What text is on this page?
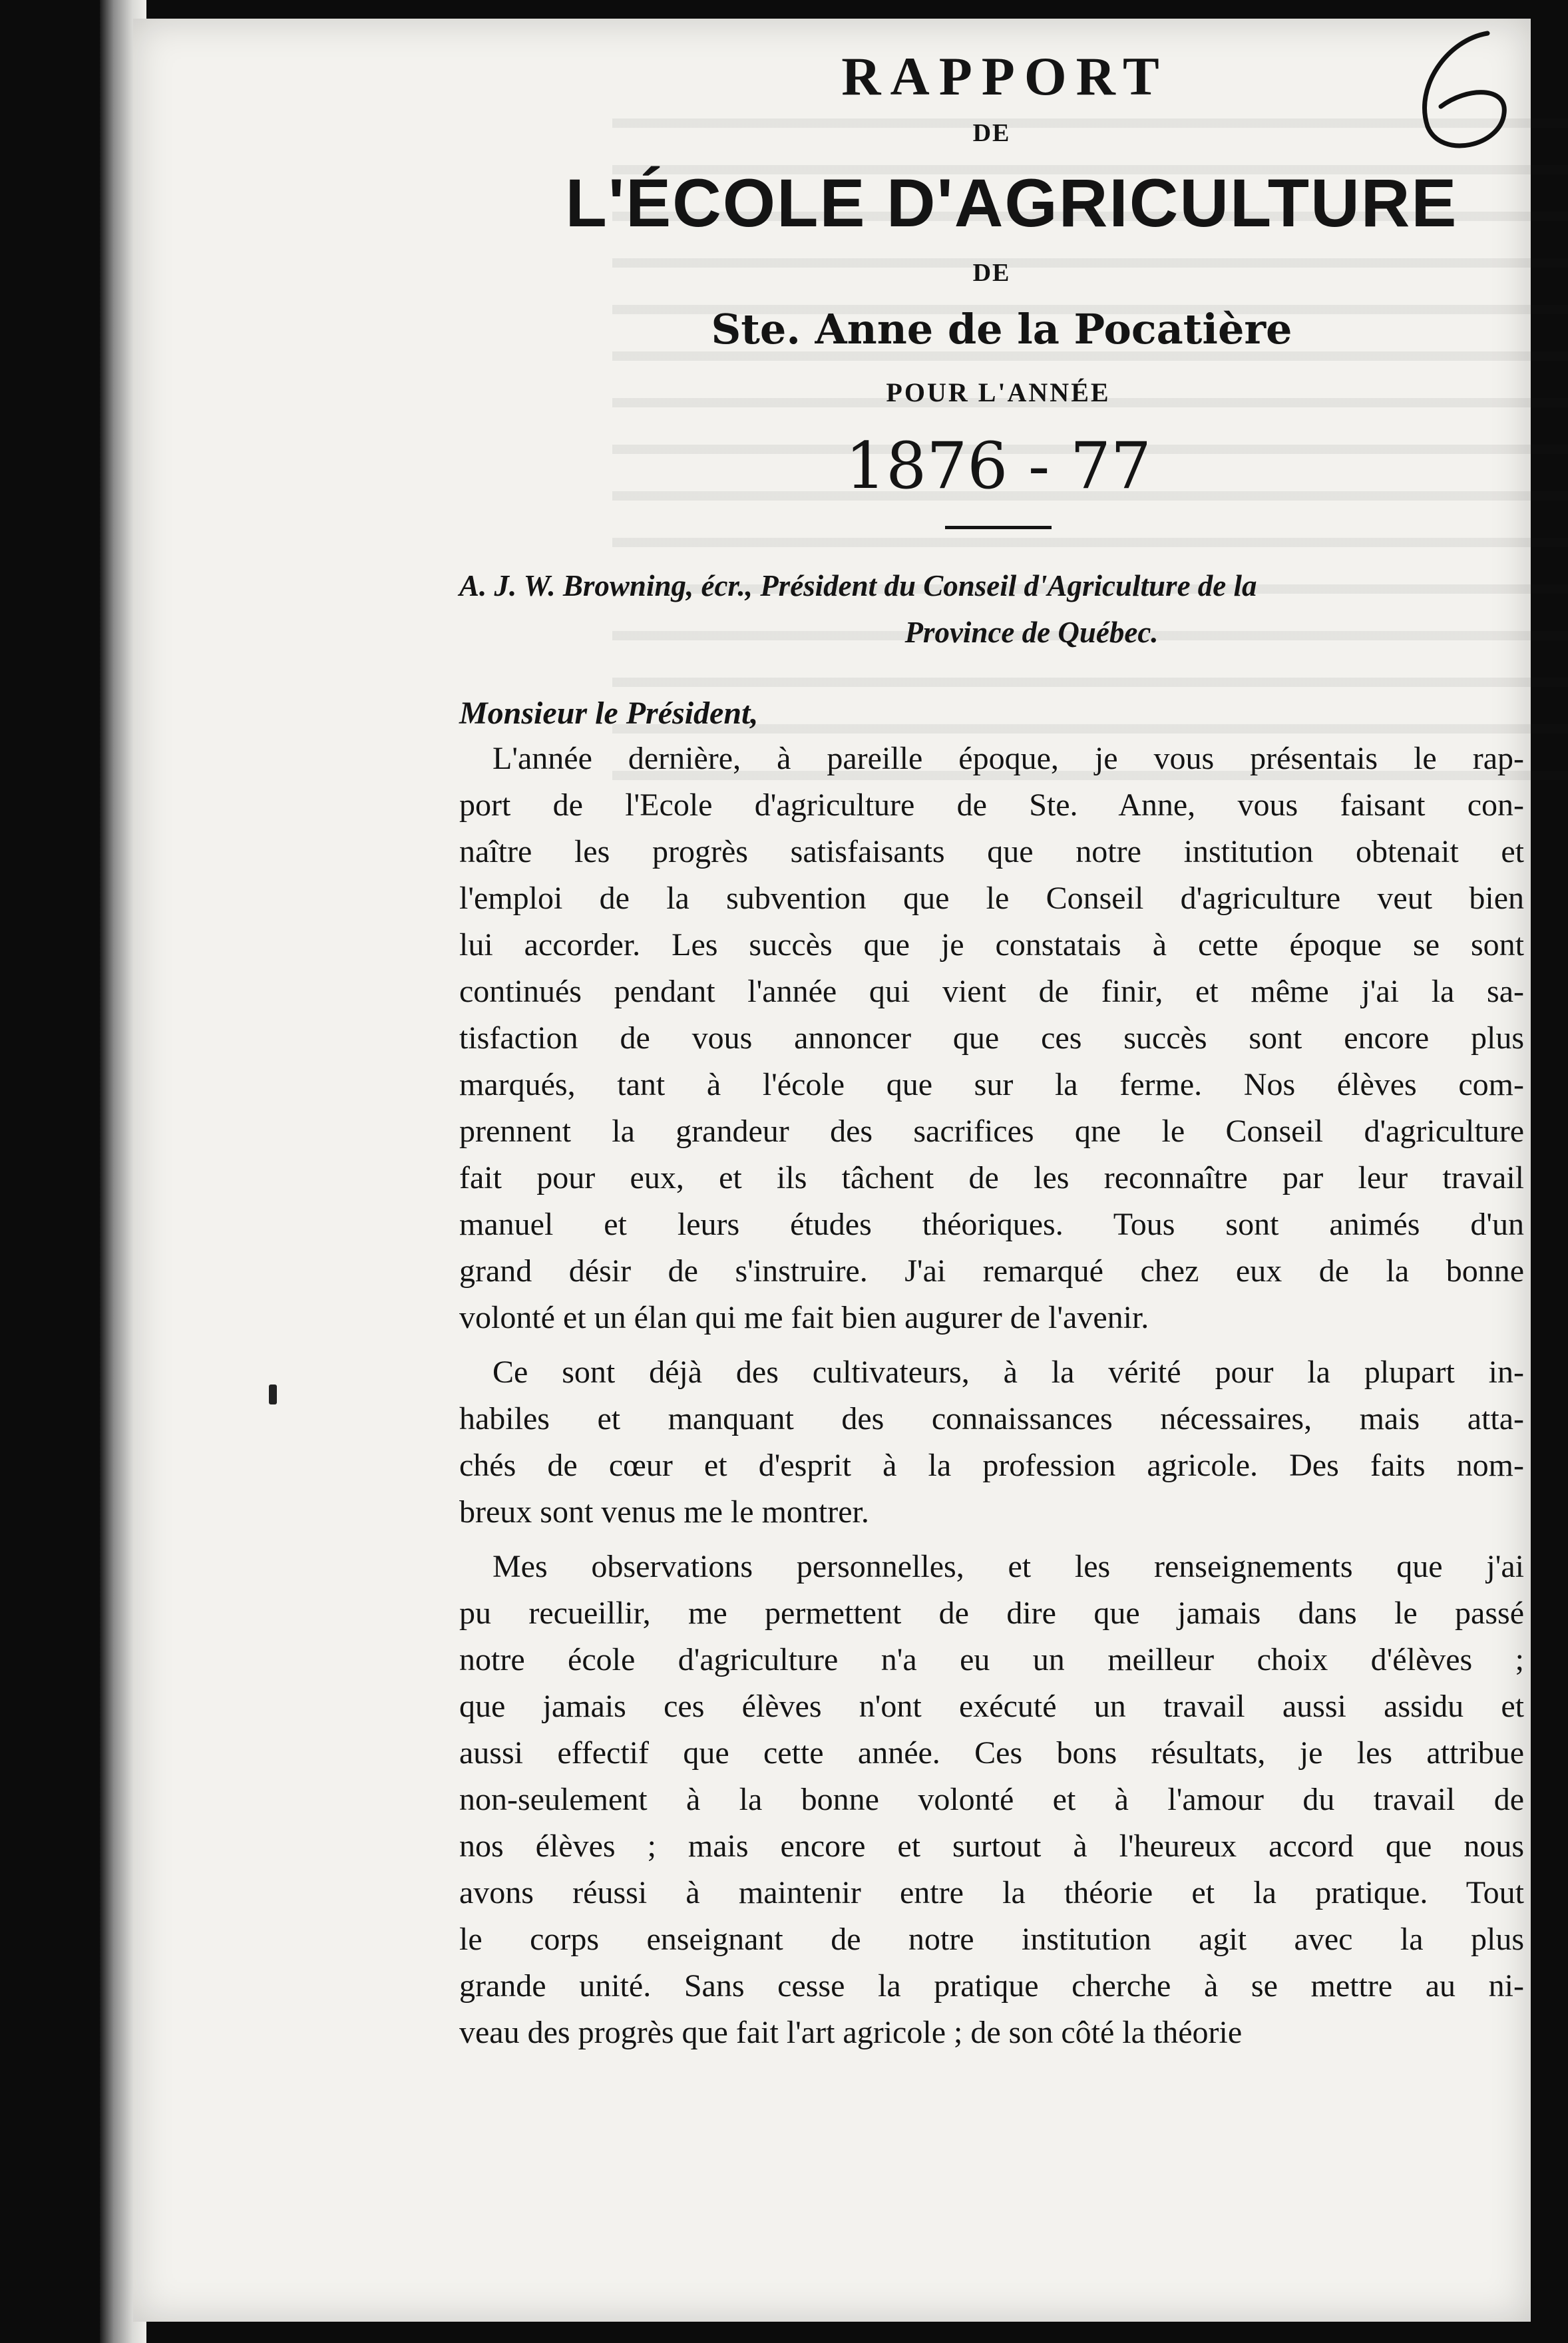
RAPPORT
DE
L'ÉCOLE D'AGRICULTURE
DE
Ste. Anne de la Pocatière
POUR L'ANNÉE
1876 - 77
A. J. W. Browning, écr., Président du Conseil d'Agriculture de la
Province de Québec.
Monsieur le Président,
L'année dernière, à pareille époque, je vous présentais le rap-
port de l'Ecole d'agriculture de Ste. Anne, vous faisant con-
naître les progrès satisfaisants que notre institution obtenait et
l'emploi de la subvention que le Conseil d'agriculture veut bien
lui accorder. Les succès que je constatais à cette époque se sont
continués pendant l'année qui vient de finir, et même j'ai la sa-
tisfaction de vous annoncer que ces succès sont encore plus
marqués, tant à l'école que sur la ferme. Nos élèves com-
prennent la grandeur des sacrifices qne le Conseil d'agriculture
fait pour eux, et ils tâchent de les reconnaître par leur travail
manuel et leurs études théoriques. Tous sont animés d'un
grand désir de s'instruire. J'ai remarqué chez eux de la bonne
volonté et un élan qui me fait bien augurer de l'avenir.
Ce sont déjà des cultivateurs, à la vérité pour la plupart in-
habiles et manquant des connaissances nécessaires, mais atta-
chés de cœur et d'esprit à la profession agricole. Des faits nom-
breux sont venus me le montrer.
Mes observations personnelles, et les renseignements que j'ai
pu recueillir, me permettent de dire que jamais dans le passé
notre école d'agriculture n'a eu un meilleur choix d'élèves ;
que jamais ces élèves n'ont exécuté un travail aussi assidu et
aussi effectif que cette année. Ces bons résultats, je les attribue
non-seulement à la bonne volonté et à l'amour du travail de
nos élèves ; mais encore et surtout à l'heureux accord que nous
avons réussi à maintenir entre la théorie et la pratique. Tout
le corps enseignant de notre institution agit avec la plus
grande unité. Sans cesse la pratique cherche à se mettre au ni-
veau des progrès que fait l'art agricole ; de son côté la théorie
